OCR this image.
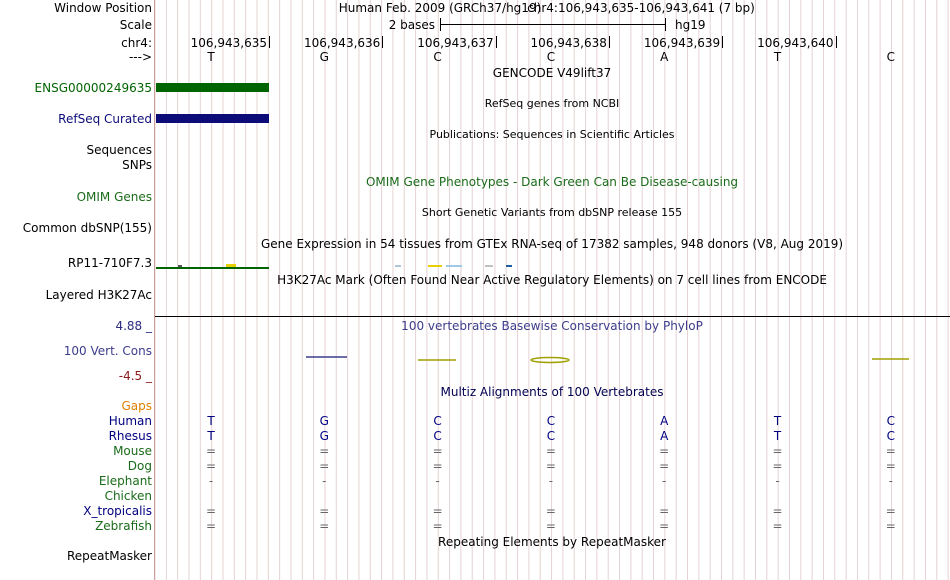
Window Position	Human Feb. 2009 (GRCh37/hg19)
chr4:106,943,635-106,943,641 (7 bp)
Scale	2 bases	hg19
chr4:	106,943,635	106,943,636	106,943,637	106,943,638	106,943,639	106,943,640
--->	T	G	C	C	A	T	C
GENCODE V49lift37
ENSG00000249635
RefSeq genes from NCBI
RefSeq Curated
Publications: Sequences in Scientific Articles
Sequences
SNPs
OMIM Gene Phenotypes - Dark Green Can Be Disease-causing
OMIM Genes
Short Genetic Variants from dbSNP release 155
Common dbSNP(155)
Gene Expression in 54 tissues from GTEx RNA-seq of 17382 samples, 948 donors (V8, Aug 2019)
RP11-710F7.3
H3K27Ac Mark (Often Found Near Active Regulatory Elements) on 7 cell lines from ENCODE
Layered H3K27Ac
100 vertebrates Basewise Conservation by PhyloP
4.88 _
100 Vert. Cons
-4.5 _
Multiz Alignments of 100 Vertebrates
Gaps
Human	T	G	C	C	A	T	C
Rhesus	T	G	C	C	A	T	C
Mouse	=	=	=	=	=	=	=
Dog	=	=	=	=	=	=	=
Elephant	-	-	-	-	-	-	-
Chicken
X_tropicalis	=	=	=	=	=	=	=
Zebrafish	=	=	=	=	=	=	=
Repeating Elements by RepeatMasker
RepeatMasker
